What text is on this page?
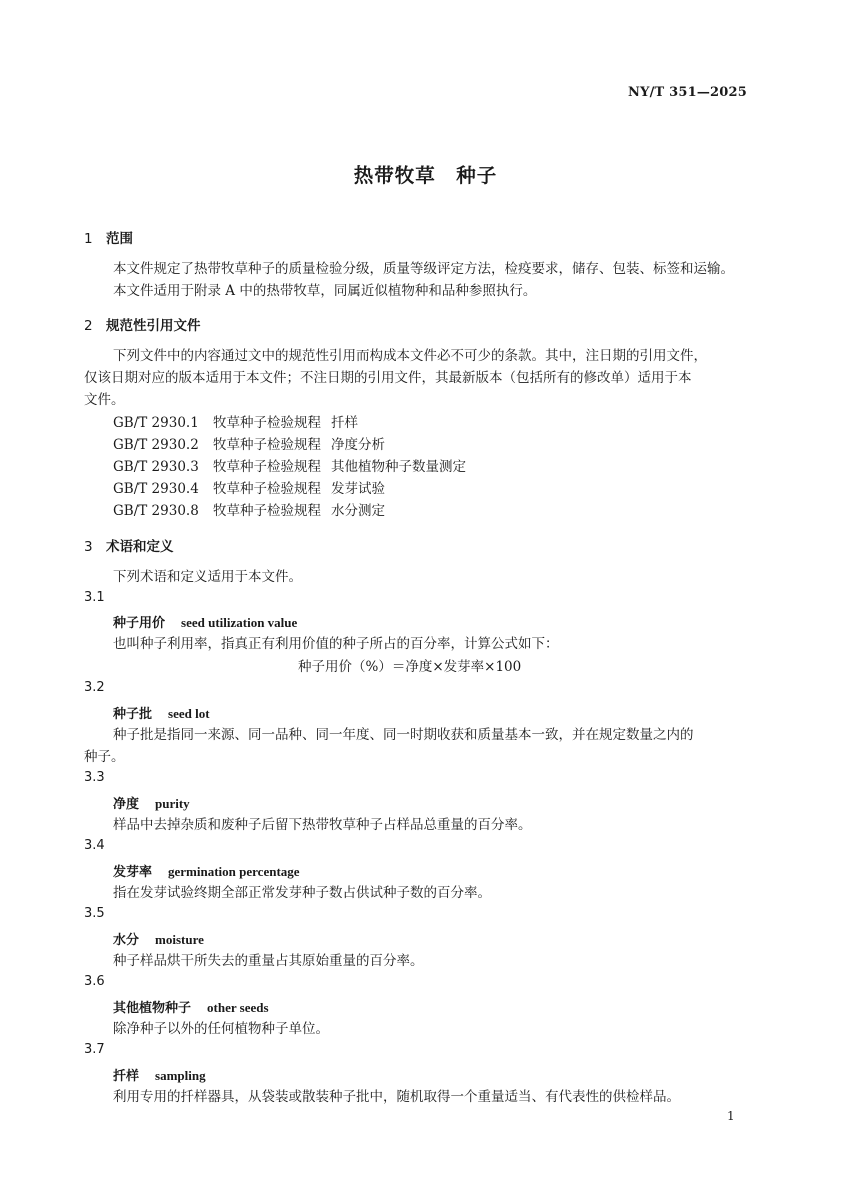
NY/T 351—2025
热带牧草　种子
1 范围
本文件规定了热带牧草种子的质量检验分级，质量等级评定方法，检疫要求，储存、包装、标签和运输。
本文件适用于附录 A 中的热带牧草，同属近似植物种和品种参照执行。
2 规范性引用文件
下列文件中的内容通过文中的规范性引用而构成本文件必不可少的条款。其中，注日期的引用文件，
仅该日期对应的版本适用于本文件；不注日期的引用文件，其最新版本（包括所有的修改单）适用于本
文件。
GB/T 2930.1 牧草种子检验规程 扦样
GB/T 2930.2 牧草种子检验规程 净度分析
GB/T 2930.3 牧草种子检验规程 其他植物种子数量测定
GB/T 2930.4 牧草种子检验规程 发芽试验
GB/T 2930.8 牧草种子检验规程 水分测定
3 术语和定义
下列术语和定义适用于本文件。
3.1
种子用价 seed utilization value
也叫种子利用率，指真正有利用价值的种子所占的百分率，计算公式如下：
种子用价（%）＝净度×发芽率×100
3.2
种子批 seed lot
种子批是指同一来源、同一品种、同一年度、同一时期收获和质量基本一致，并在规定数量之内的
种子。
3.3
净度 purity
样品中去掉杂质和废种子后留下热带牧草种子占样品总重量的百分率。
3.4
发芽率 germination percentage
指在发芽试验终期全部正常发芽种子数占供试种子数的百分率。
3.5
水分 moisture
种子样品烘干所失去的重量占其原始重量的百分率。
3.6
其他植物种子 other seeds
除净种子以外的任何植物种子单位。
3.7
扦样 sampling
利用专用的扦样器具，从袋装或散装种子批中，随机取得一个重量适当、有代表性的供检样品。
1
